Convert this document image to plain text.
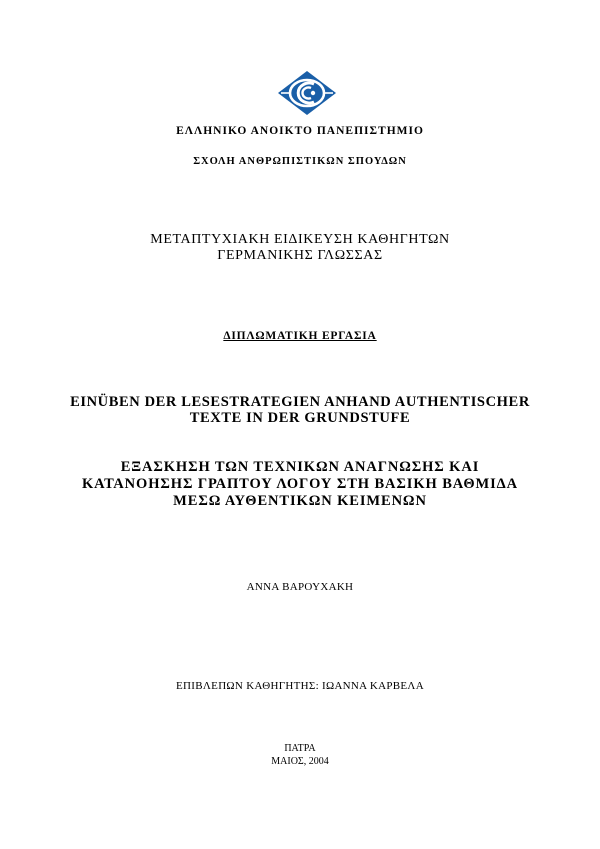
ΕΛΛΗΝΙΚΟ ΑΝΟΙΚΤΟ ΠΑΝΕΠΙΣΤΗΜΙΟ
ΣΧΟΛΗ ΑΝΘΡΩΠΙΣΤΙΚΩΝ ΣΠΟΥΔΩΝ
ΜΕΤΑΠΤΥΧΙΑΚΗ ΕΙΔΙΚΕΥΣΗ ΚΑΘΗΓΗΤΩΝ
ΓΕΡΜΑΝΙΚΗΣ ΓΛΩΣΣΑΣ
ΔΙΠΛΩΜΑΤΙΚΗ ΕΡΓΑΣΙΑ
EINÜBEN DER LESESTRATEGIEN ANHAND AUTHENTISCHER
TEXTE IN DER GRUNDSTUFE
ΕΞΑΣΚΗΣΗ ΤΩΝ ΤΕΧΝΙΚΩΝ ΑΝΑΓΝΩΣΗΣ ΚΑΙ
ΚΑΤΑΝΟΗΣΗΣ ΓΡΑΠΤΟΥ ΛΟΓΟΥ ΣΤΗ ΒΑΣΙΚΗ ΒΑΘΜΙΔΑ
ΜΕΣΩ ΑΥΘΕΝΤΙΚΩΝ ΚΕΙΜΕΝΩΝ
ΑΝΝΑ ΒΑΡΟΥΧΑΚΗ
ΕΠΙΒΛΕΠΩΝ ΚΑΘΗΓΗΤΗΣ: ΙΩΑΝΝΑ ΚΑΡΒΕΛΑ
ΠΑΤΡΑ
ΜΑΙΟΣ, 2004
